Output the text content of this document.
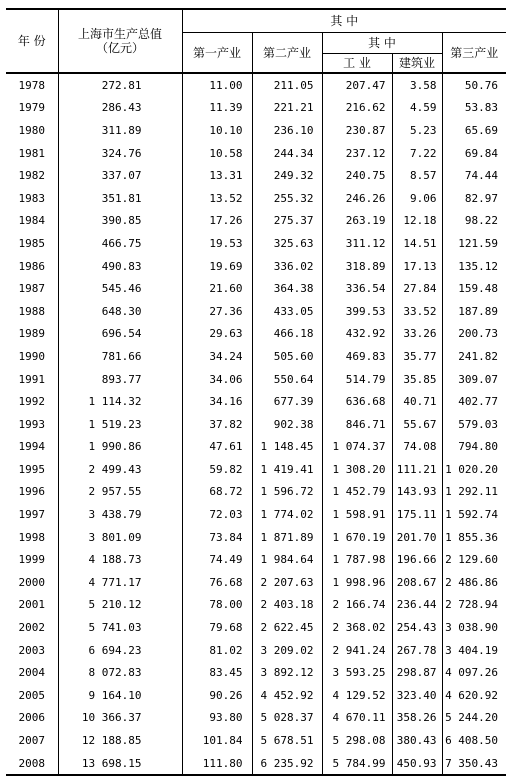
年 份	上海市生产总值
（亿元）	其 中				
		第一产业	第二产业	其 中		第三产业
				工 业	建筑业	
1978	272.81	11.00	211.05	207.47	3.58	50.76
1979	286.43	11.39	221.21	216.62	4.59	53.83
1980	311.89	10.10	236.10	230.87	5.23	65.69
1981	324.76	10.58	244.34	237.12	7.22	69.84
1982	337.07	13.31	249.32	240.75	8.57	74.44
1983	351.81	13.52	255.32	246.26	9.06	82.97
1984	390.85	17.26	275.37	263.19	12.18	98.22
1985	466.75	19.53	325.63	311.12	14.51	121.59
1986	490.83	19.69	336.02	318.89	17.13	135.12
1987	545.46	21.60	364.38	336.54	27.84	159.48
1988	648.30	27.36	433.05	399.53	33.52	187.89
1989	696.54	29.63	466.18	432.92	33.26	200.73
1990	781.66	34.24	505.60	469.83	35.77	241.82
1991	893.77	34.06	550.64	514.79	35.85	309.07
1992	1 114.32	34.16	677.39	636.68	40.71	402.77
1993	1 519.23	37.82	902.38	846.71	55.67	579.03
1994	1 990.86	47.61	1 148.45	1 074.37	74.08	794.80
1995	2 499.43	59.82	1 419.41	1 308.20	111.21	1 020.20
1996	2 957.55	68.72	1 596.72	1 452.79	143.93	1 292.11
1997	3 438.79	72.03	1 774.02	1 598.91	175.11	1 592.74
1998	3 801.09	73.84	1 871.89	1 670.19	201.70	1 855.36
1999	4 188.73	74.49	1 984.64	1 787.98	196.66	2 129.60
2000	4 771.17	76.68	2 207.63	1 998.96	208.67	2 486.86
2001	5 210.12	78.00	2 403.18	2 166.74	236.44	2 728.94
2002	5 741.03	79.68	2 622.45	2 368.02	254.43	3 038.90
2003	6 694.23	81.02	3 209.02	2 941.24	267.78	3 404.19
2004	8 072.83	83.45	3 892.12	3 593.25	298.87	4 097.26
2005	9 164.10	90.26	4 452.92	4 129.52	323.40	4 620.92
2006	10 366.37	93.80	5 028.37	4 670.11	358.26	5 244.20
2007	12 188.85	101.84	5 678.51	5 298.08	380.43	6 408.50
2008	13 698.15	111.80	6 235.92	5 784.99	450.93	7 350.43
